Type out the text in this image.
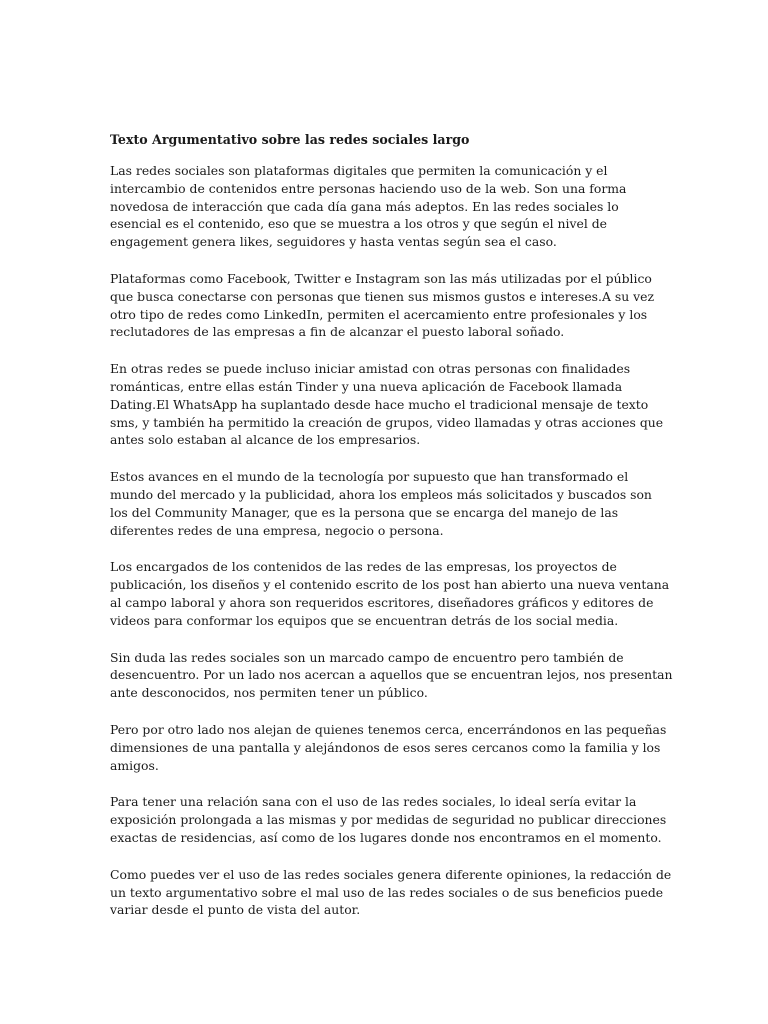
Texto Argumentativo sobre las redes sociales largo
Las redes sociales son plataformas digitales que permiten la comunicación y el
intercambio de contenidos entre personas haciendo uso de la web. Son una forma
novedosa de interacción que cada día gana más adeptos. En las redes sociales lo
esencial es el contenido, eso que se muestra a los otros y que según el nivel de
engagement genera likes, seguidores y hasta ventas según sea el caso.
Plataformas como Facebook, Twitter e Instagram son las más utilizadas por el público
que busca conectarse con personas que tienen sus mismos gustos e intereses.A su vez
otro tipo de redes como LinkedIn, permiten el acercamiento entre profesionales y los
reclutadores de las empresas a fin de alcanzar el puesto laboral soñado.
En otras redes se puede incluso iniciar amistad con otras personas con finalidades
románticas, entre ellas están Tinder y una nueva aplicación de Facebook llamada
Dating.El WhatsApp ha suplantado desde hace mucho el tradicional mensaje de texto
sms, y también ha permitido la creación de grupos, video llamadas y otras acciones que
antes solo estaban al alcance de los empresarios.
Estos avances en el mundo de la tecnología por supuesto que han transformado el
mundo del mercado y la publicidad, ahora los empleos más solicitados y buscados son
los del Community Manager, que es la persona que se encarga del manejo de las
diferentes redes de una empresa, negocio o persona.
Los encargados de los contenidos de las redes de las empresas, los proyectos de
publicación, los diseños y el contenido escrito de los post han abierto una nueva ventana
al campo laboral y ahora son requeridos escritores, diseñadores gráficos y editores de
videos para conformar los equipos que se encuentran detrás de los social media.
Sin duda las redes sociales son un marcado campo de encuentro pero también de
desencuentro. Por un lado nos acercan a aquellos que se encuentran lejos, nos presentan
ante desconocidos, nos permiten tener un público.
Pero por otro lado nos alejan de quienes tenemos cerca, encerrándonos en las pequeñas
dimensiones de una pantalla y alejándonos de esos seres cercanos como la familia y los
amigos.
Para tener una relación sana con el uso de las redes sociales, lo ideal sería evitar la
exposición prolongada a las mismas y por medidas de seguridad no publicar direcciones
exactas de residencias, así como de los lugares donde nos encontramos en el momento.
Como puedes ver el uso de las redes sociales genera diferente opiniones, la redacción de
un texto argumentativo sobre el mal uso de las redes sociales o de sus beneficios puede
variar desde el punto de vista del autor.
